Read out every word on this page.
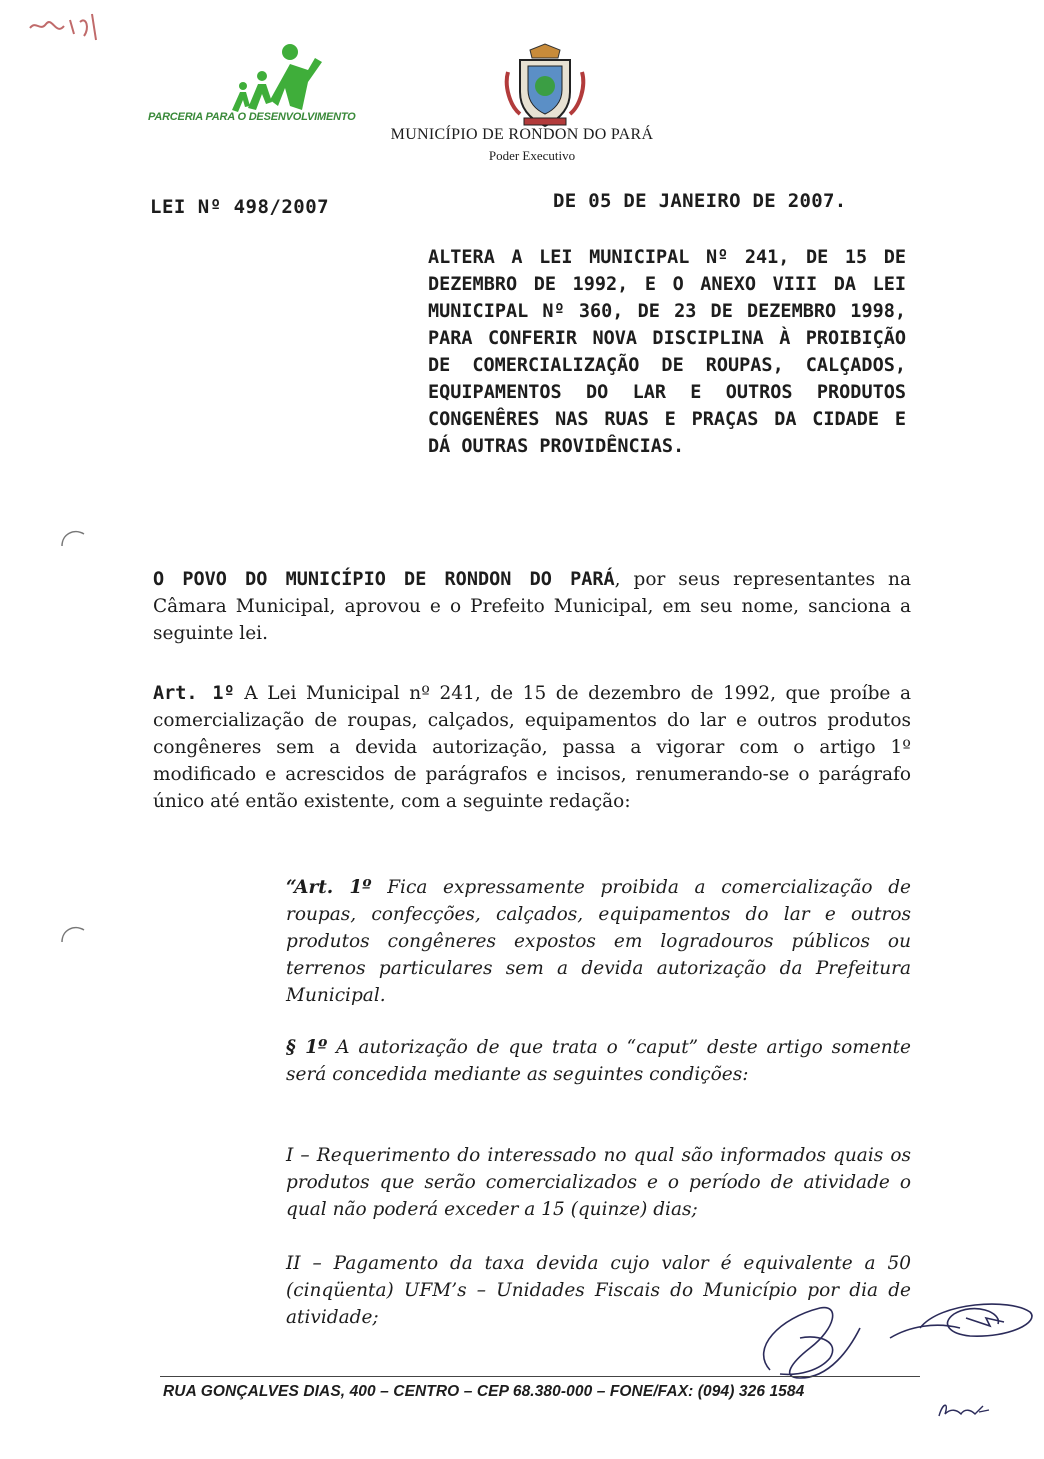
PARCERIA PARA O DESENVOLVIMENTO
MUNICÍPIO DE RONDON DO PARÁ
Poder Executivo
LEI Nº 498/2007	DE 05 DE JANEIRO DE 2007.
ALTERA A LEI MUNICIPAL Nº 241, DE 15 DE DEZEMBRO DE 1992, E O ANEXO VIII DA LEI MUNICIPAL Nº 360, DE 23 DE DEZEMBRO 1998, PARA CONFERIR NOVA DISCIPLINA À PROIBIÇÃO DE COMERCIALIZAÇÃO DE ROUPAS, CALÇADOS, EQUIPAMENTOS DO LAR E OUTROS PRODUTOS CONGENÊRES NAS RUAS E PRAÇAS DA CIDADE E DÁ OUTRAS PROVIDÊNCIAS.
O POVO DO MUNICÍPIO DE RONDON DO PARÁ, por seus representantes na Câmara Municipal, aprovou e o Prefeito Municipal, em seu nome, sanciona a seguinte lei.
Art. 1º A Lei Municipal nº 241, de 15 de dezembro de 1992, que proíbe a comercialização de roupas, calçados, equipamentos do lar e outros produtos congêneres sem a devida autorização, passa a vigorar com o artigo 1º modificado e acrescidos de parágrafos e incisos, renumerando-se o parágrafo único até então existente, com a seguinte redação:
“Art. 1º Fica expressamente proibida a comercialização de roupas, confecções, calçados, equipamentos do lar e outros produtos congêneres expostos em logradouros públicos ou terrenos particulares sem a devida autorização da Prefeitura Municipal.
§ 1º A autorização de que trata o “caput” deste artigo somente será concedida mediante as seguintes condições:
I – Requerimento do interessado no qual são informados quais os produtos que serão comercializados e o período de atividade o qual não poderá exceder a 15 (quinze) dias;
II – Pagamento da taxa devida cujo valor é equivalente a 50 (cinqüenta) UFM’s – Unidades Fiscais do Município por dia de atividade;
RUA GONÇALVES DIAS, 400 – CENTRO – CEP 68.380-000 – FONE/FAX: (094) 326 1584
